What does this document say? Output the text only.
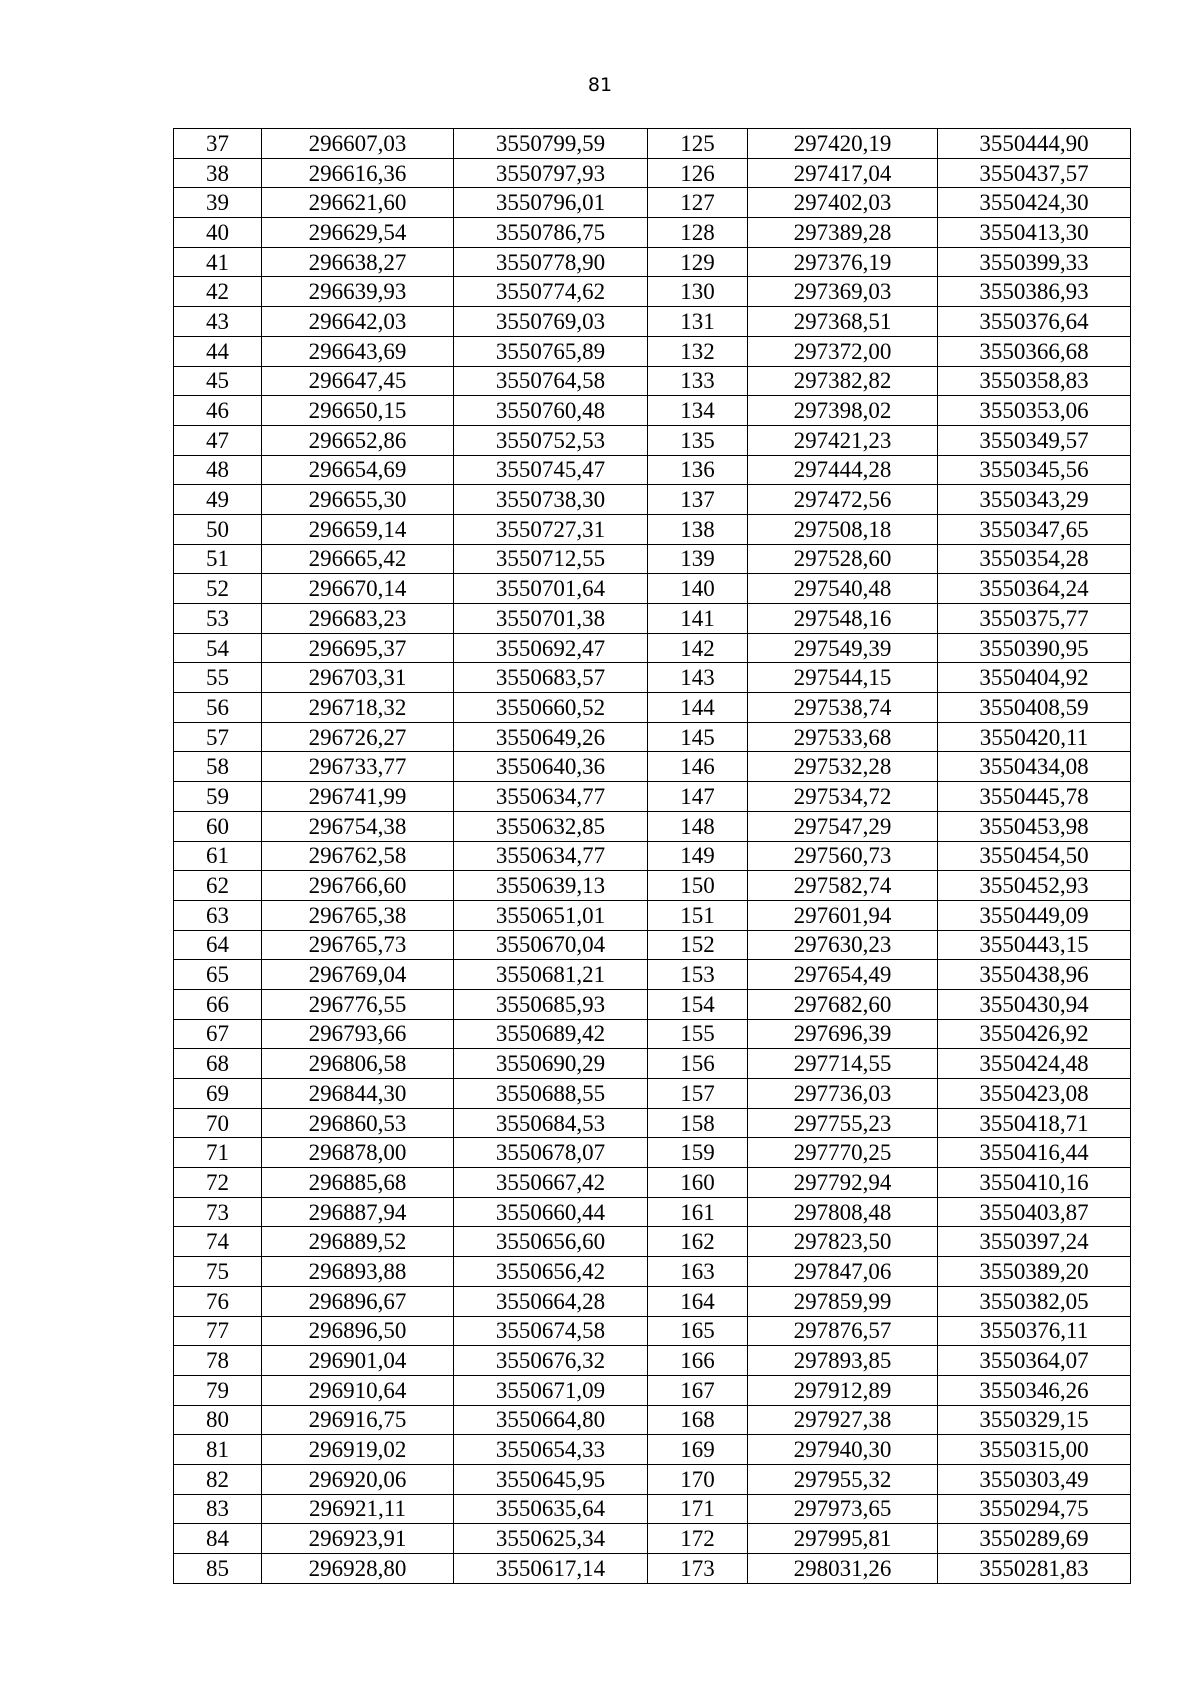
81
37	296607,03	3550799,59	125	297420,19	3550444,90
38	296616,36	3550797,93	126	297417,04	3550437,57
39	296621,60	3550796,01	127	297402,03	3550424,30
40	296629,54	3550786,75	128	297389,28	3550413,30
41	296638,27	3550778,90	129	297376,19	3550399,33
42	296639,93	3550774,62	130	297369,03	3550386,93
43	296642,03	3550769,03	131	297368,51	3550376,64
44	296643,69	3550765,89	132	297372,00	3550366,68
45	296647,45	3550764,58	133	297382,82	3550358,83
46	296650,15	3550760,48	134	297398,02	3550353,06
47	296652,86	3550752,53	135	297421,23	3550349,57
48	296654,69	3550745,47	136	297444,28	3550345,56
49	296655,30	3550738,30	137	297472,56	3550343,29
50	296659,14	3550727,31	138	297508,18	3550347,65
51	296665,42	3550712,55	139	297528,60	3550354,28
52	296670,14	3550701,64	140	297540,48	3550364,24
53	296683,23	3550701,38	141	297548,16	3550375,77
54	296695,37	3550692,47	142	297549,39	3550390,95
55	296703,31	3550683,57	143	297544,15	3550404,92
56	296718,32	3550660,52	144	297538,74	3550408,59
57	296726,27	3550649,26	145	297533,68	3550420,11
58	296733,77	3550640,36	146	297532,28	3550434,08
59	296741,99	3550634,77	147	297534,72	3550445,78
60	296754,38	3550632,85	148	297547,29	3550453,98
61	296762,58	3550634,77	149	297560,73	3550454,50
62	296766,60	3550639,13	150	297582,74	3550452,93
63	296765,38	3550651,01	151	297601,94	3550449,09
64	296765,73	3550670,04	152	297630,23	3550443,15
65	296769,04	3550681,21	153	297654,49	3550438,96
66	296776,55	3550685,93	154	297682,60	3550430,94
67	296793,66	3550689,42	155	297696,39	3550426,92
68	296806,58	3550690,29	156	297714,55	3550424,48
69	296844,30	3550688,55	157	297736,03	3550423,08
70	296860,53	3550684,53	158	297755,23	3550418,71
71	296878,00	3550678,07	159	297770,25	3550416,44
72	296885,68	3550667,42	160	297792,94	3550410,16
73	296887,94	3550660,44	161	297808,48	3550403,87
74	296889,52	3550656,60	162	297823,50	3550397,24
75	296893,88	3550656,42	163	297847,06	3550389,20
76	296896,67	3550664,28	164	297859,99	3550382,05
77	296896,50	3550674,58	165	297876,57	3550376,11
78	296901,04	3550676,32	166	297893,85	3550364,07
79	296910,64	3550671,09	167	297912,89	3550346,26
80	296916,75	3550664,80	168	297927,38	3550329,15
81	296919,02	3550654,33	169	297940,30	3550315,00
82	296920,06	3550645,95	170	297955,32	3550303,49
83	296921,11	3550635,64	171	297973,65	3550294,75
84	296923,91	3550625,34	172	297995,81	3550289,69
85	296928,80	3550617,14	173	298031,26	3550281,83
